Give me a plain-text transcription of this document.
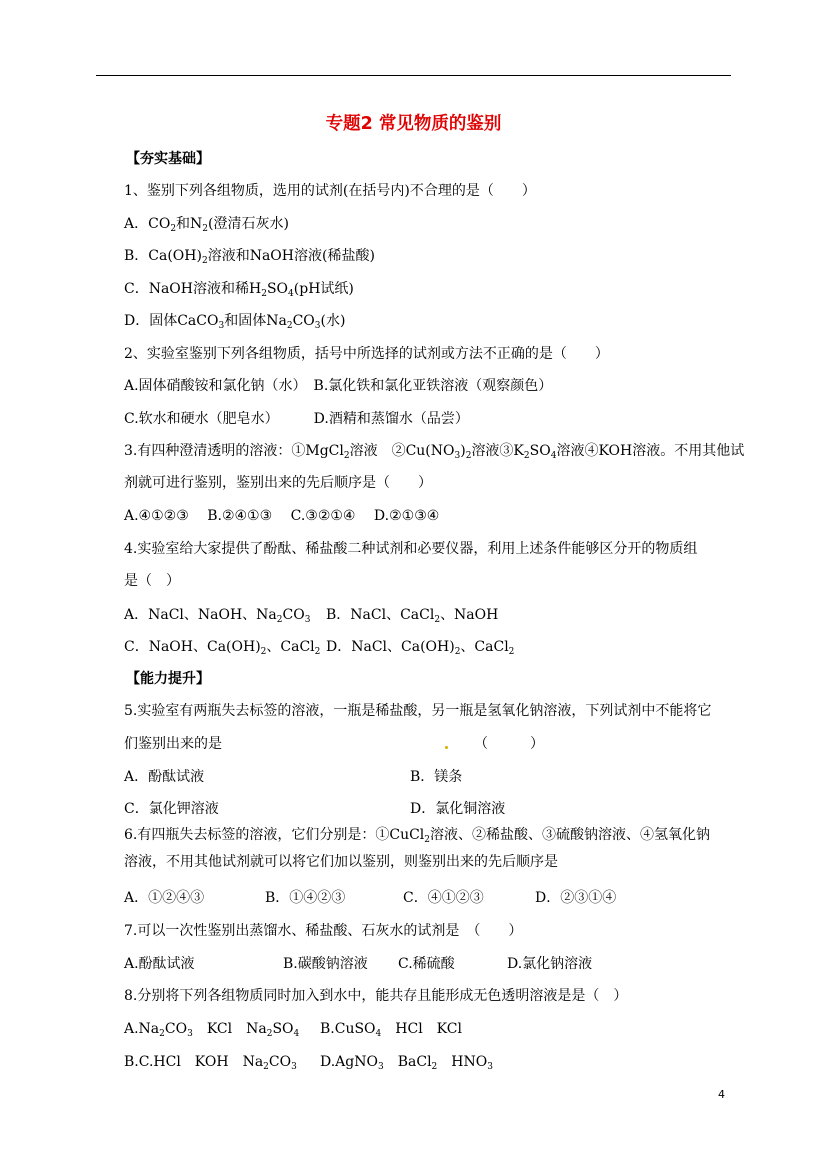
专题2 常见物质的鉴别
【夯实基础】
1、鉴别下列各组物质，选用的试剂(在括号内)不合理的是（　　）
A．$CO_2$和$N_2$(澄清石灰水)
B．$Ca(OH)_2$溶液和NaOH溶液(稀盐酸)
C．NaOH溶液和稀$H_2SO_4(pH$试纸)
D．固体CaCO$_3$和固体$Na_2CO_3$(水)
2、实验室鉴别下列各组物质，括号中所选择的试剂或方法不正确的是（　　）
A.固体硝酸铵和氯化钠（水）　B.氯化铁和氯化亚铁溶液（观察颜色）
C.软水和硬水（肥皂水）　　　D.酒精和蒸馏水（品尝）
3.有四种澄清透明的溶液：①MgCl$_2$溶液　$②Cu(NO_3)_2$溶液$③K_2SO_4$溶液④KOH溶液。不用其他试
剂就可进行鉴别，鉴别出来的先后顺序是（　　）
A.④①②③　 B.②④①③　 C.③②①④　 D.②①③④
4.实验室给大家提供了酚酞、稀盐酸二种试剂和必要仪器，利用上述条件能够区分开的物质组
是（　）
A．NaCl、NaOH、$Na_2CO_3$ B．NaCl、CaCl$_2$、NaOH
C．NaOH、$Ca(OH)_2$、CaCl$_2$ D．NaCl、$Ca(OH)_2$、CaCl$_2$
【能力提升】
5.实验室有两瓶失去标签的溶液，一瓶是稀盐酸，另一瓶是氢氧化钠溶液，下列试剂中不能将它
们鉴别出来的是	（　　　）
A．酚酞试液	B．镁条
C．氯化钾溶液	D．氯化铜溶液
6.有四瓶失去标签的溶液，它们分别是：①CuCl$_2$溶液、②稀盐酸、③硫酸钠溶液、④氢氧化钠
溶液，不用其他试剂就可以将它们加以鉴别，则鉴别出来的先后顺序是
A．①②④③	B．①④②③	C．④①②③	D．②③①④
7.可以一次性鉴别出蒸馏水、稀盐酸、石灰水的试剂是　（　　）
A.酚酞试液	B.碳酸钠溶液 C.稀硫酸	D.氯化钠溶液
8.分别将下列各组物质同时加入到水中，能共存且能形成无色透明溶液是是（　）
$A.Na_2CO_3$　KCl　$Na_2SO_4$ B.CuSO$_4$　HCl　KCl
B.C.HCl　KOH　$Na_2CO_3$ D.AgNO$_3$　BaCl$_2$　$HNO_3$
4
